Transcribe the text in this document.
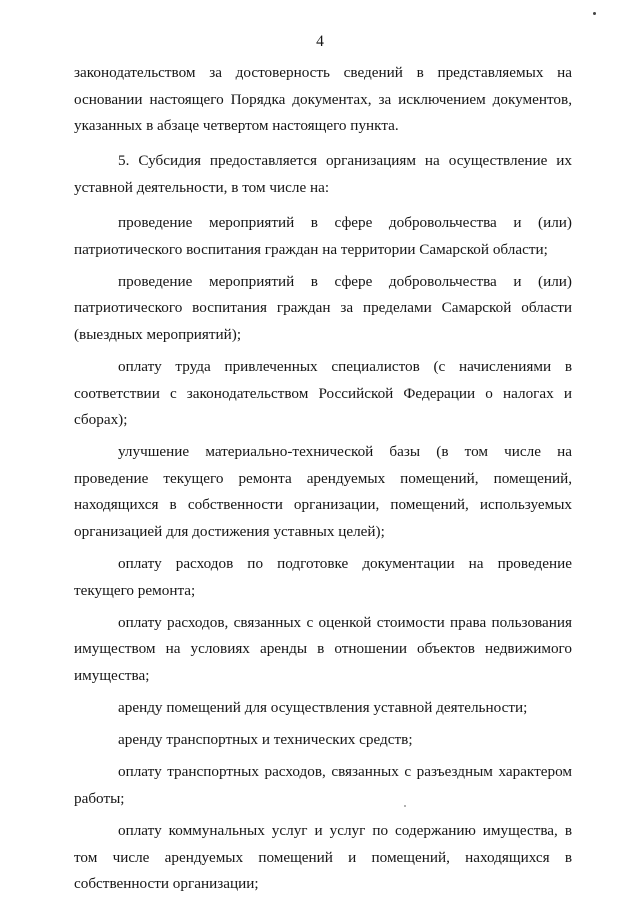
4

законодательством за достоверность сведений в представляемых на основании настоящего Порядка документах, за исключением документов, указанных в абзаце четвертом настоящего пункта.

5. Субсидия предоставляется организациям на осуществление их уставной деятельности, в том числе на:

проведение мероприятий в сфере добровольчества и (или) патриотического воспитания граждан на территории Самарской области;

проведение мероприятий в сфере добровольчества и (или) патриотического воспитания граждан за пределами Самарской области (выездных мероприятий);

оплату труда привлеченных специалистов (с начислениями в соответствии с законодательством Российской Федерации о налогах и сборах);

улучшение материально-технической базы (в том числе на проведение текущего ремонта арендуемых помещений, помещений, находящихся в собственности организации, помещений, используемых организацией для достижения уставных целей);

оплату расходов по подготовке документации на проведение текущего ремонта;

оплату расходов, связанных с оценкой стоимости права пользования имуществом на условиях аренды в отношении объектов недвижимого имущества;

аренду помещений для осуществления уставной деятельности;

аренду транспортных и технических средств;

оплату транспортных расходов, связанных с разъездным характером работы;

оплату коммунальных услуг и услуг по содержанию имущества, в том числе арендуемых помещений и помещений, находящихся в собственности организации;
